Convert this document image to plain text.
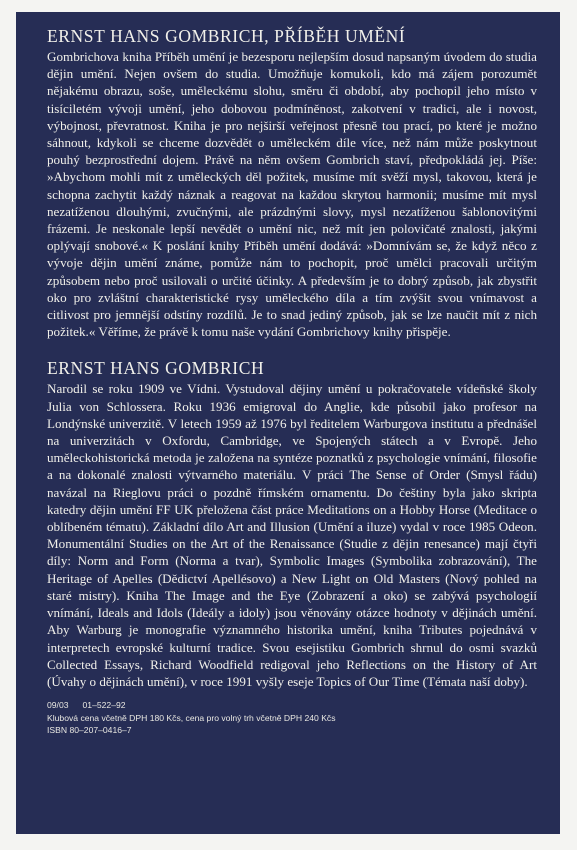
ERNST HANS GOMBRICH, PŘÍBĚH UMĚNÍ

Gombrichova kniha Příběh umění je bezesporu nejlepším dosud napsaným úvodem do studia dějin umění. Nejen ovšem do studia. Umožňuje komukoli, kdo má zájem porozumět nějakému obrazu, soše, uměleckému slohu, směru či období, aby pochopil jeho místo v tisíciletém vývoji umění, jeho dobovou podmíněnost, zakotvení v tradici, ale i novost, výbojnost, převratnost. Kniha je pro nejširší veřejnost přesně tou prací, po které je možno sáhnout, kdykoli se chceme dozvědět o uměleckém díle více, než nám může poskytnout pouhý bezprostřední dojem. Právě na něm ovšem Gombrich staví, předpokládá jej. Píše: »Abychom mohli mít z uměleckých děl požitek, musíme mít svěží mysl, takovou, která je schopna zachytit každý náznak a reagovat na každou skrytou harmonii; musíme mít mysl nezatíženou dlouhými, zvučnými, ale prázdnými slovy, mysl nezatíženou šablonovitými frázemi. Je neskonale lepší nevědět o umění nic, než mít jen polovičaté znalosti, jakými oplývají snobové.« K poslání knihy Příběh umění dodává: »Domnívám se, že když něco z vývoje dějin umění známe, pomůže nám to pochopit, proč umělci pracovali určitým způsobem nebo proč usilovali o určité účinky. A především je to dobrý způsob, jak zbystřit oko pro zvláštní charakteristické rysy uměleckého díla a tím zvýšit svou vnímavost a citlivost pro jemnější odstíny rozdílů. Je to snad jediný způsob, jak se lze naučit mít z nich požitek.« Věříme, že právě k tomu naše vydání Gombrichovy knihy přispěje.

ERNST HANS GOMBRICH

Narodil se roku 1909 ve Vídni. Vystudoval dějiny umění u pokračovatele vídeňské školy Julia von Schlossera. Roku 1936 emigroval do Anglie, kde působil jako profesor na Londýnské univerzitě. V letech 1959 až 1976 byl ředitelem Warburgova institutu a přednášel na univerzitách v Oxfordu, Cambridge, ve Spojených státech a v Evropě. Jeho uměleckohistorická metoda je založena na syntéze poznatků z psychologie vnímání, filosofie a na dokonalé znalosti výtvarného materiálu. V práci The Sense of Order (Smysl řádu) navázal na Rieglovu práci o pozdně římském ornamentu. Do češtiny byla jako skripta katedry dějin umění FF UK přeložena část práce Meditations on a Hobby Horse (Meditace o oblíbeném tématu). Základní dílo Art and Illusion (Umění a iluze) vydal v roce 1985 Odeon. Monumentální Studies on the Art of the Renaissance (Studie z dějin renesance) mají čtyři díly: Norm and Form (Norma a tvar), Symbolic Images (Symbolika zobrazování), The Heritage of Apelles (Dědictví Apellésovo) a New Light on Old Masters (Nový pohled na staré mistry). Kniha The Image and the Eye (Zobrazení a oko) se zabývá psychologií vnímání, Ideals and Idols (Ideály a idoly) jsou věnovány otázce hodnoty v dějinách umění. Aby Warburg je monografie významného historika umění, kniha Tributes pojednává v interpretech evropské kulturní tradice. Svou esejistiku Gombrich shrnul do osmi svazků Collected Essays, Richard Woodfield redigoval jeho Reflections on the History of Art (Úvahy o dějinách umění), v roce 1991 vyšly eseje Topics of Our Time (Témata naší doby).

09/03 01–522–92
Klubová cena včetně DPH 180 Kčs, cena pro volný trh včetně DPH 240 Kčs
ISBN 80–207–0416–7
